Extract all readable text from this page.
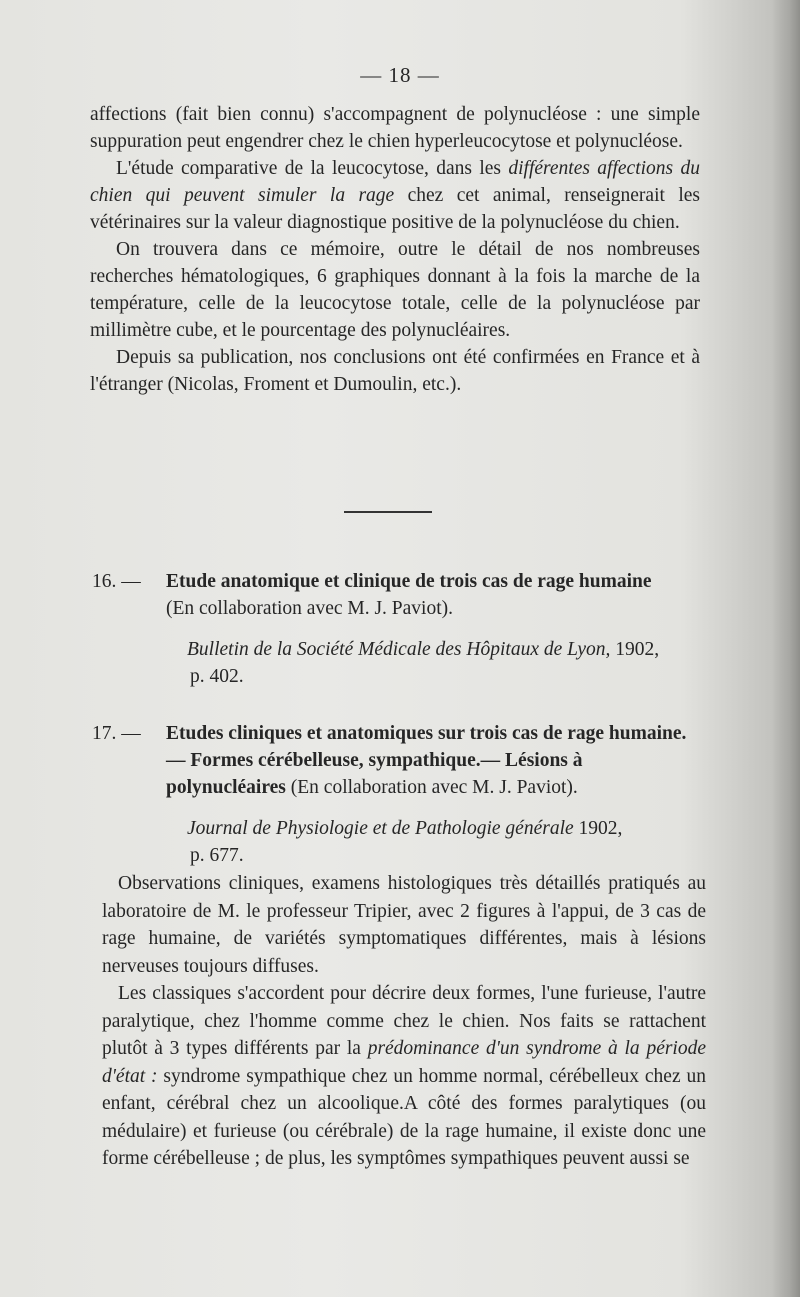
— 18 —

affections (fait bien connu) s'accompagnent de polynucléose : une simple suppuration peut engendrer chez le chien hyperleucocytose et polynucléose.

L'étude comparative de la leucocytose, dans les différentes affections du chien qui peuvent simuler la rage chez cet animal, renseignerait les vétérinaires sur la valeur diagnostique positive de la polynucléose du chien.

On trouvera dans ce mémoire, outre le détail de nos nombreuses recherches hématologiques, 6 graphiques donnant à la fois la marche de la température, celle de la leucocytose totale, celle de la polynucléose par millimètre cube, et le pourcentage des polynucléaires.

Depuis sa publication, nos conclusions ont été confirmées en France et à l'étranger (Nicolas, Froment et Dumoulin, etc.).

16. —	Etude anatomique et clinique de trois cas de rage humaine
(En collaboration avec M. J. Paviot).
Bulletin de la Société Médicale des Hôpitaux de Lyon, 1902,
p. 402.
17. —	Etudes cliniques et anatomiques sur trois cas de rage humaine.— Formes cérébelleuse, sympathique.— Lésions à polynucléaires (En collaboration avec M. J. Paviot).
Journal de Physiologie et de Pathologie générale 1902,
p. 677.

Observations cliniques, examens histologiques très détaillés pratiqués au laboratoire de M. le professeur Tripier, avec 2 figures à l'appui, de 3 cas de rage humaine, de variétés symptomatiques différentes, mais à lésions nerveuses toujours diffuses.

Les classiques s'accordent pour décrire deux formes, l'une furieuse, l'autre paralytique, chez l'homme comme chez le chien. Nos faits se rattachent plutôt à 3 types différents par la prédominance d'un syndrome à la période d'état : syndrome sympathique chez un homme normal, cérébelleux chez un enfant, cérébral chez un alcoolique.A côté des formes paralytiques (ou médulaire) et furieuse (ou cérébrale) de la rage humaine, il existe donc une forme cérébelleuse ; de plus, les symptômes sympathiques peuvent aussi se
